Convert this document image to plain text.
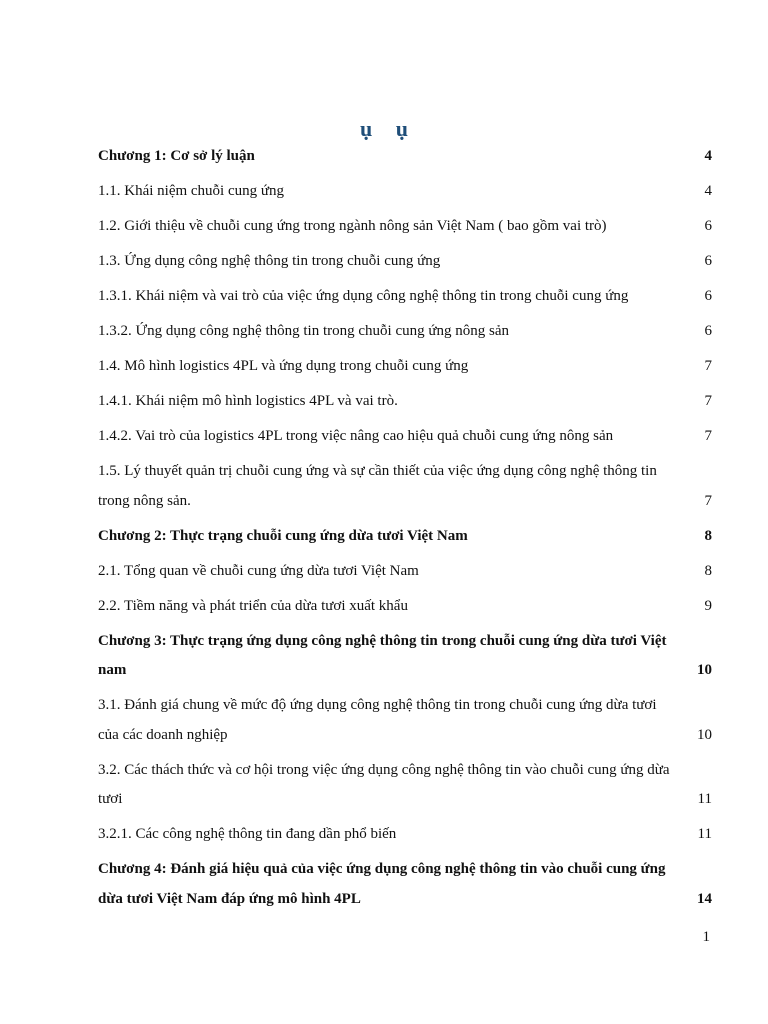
ụ ụ
Chương 1: Cơ sở lý luận	4
1.1. Khái niệm chuỗi cung ứng	4
1.2. Giới thiệu về chuỗi cung ứng trong ngành nông sản Việt Nam ( bao gồm vai trò)	6
1.3. Ứng dụng công nghệ thông tin trong chuỗi cung ứng	6
1.3.1. Khái niệm và vai trò của việc ứng dụng công nghệ thông tin trong chuỗi cung ứng	6
1.3.2. Ứng dụng công nghệ thông tin trong chuỗi cung ứng nông sản	6
1.4. Mô hình logistics 4PL và ứng dụng trong chuỗi cung ứng	7
1.4.1. Khái niệm mô hình logistics 4PL và vai trò.	7
1.4.2. Vai trò của logistics 4PL trong việc nâng cao hiệu quả chuỗi cung ứng nông sản	7
1.5. Lý thuyết quản trị chuỗi cung ứng và sự cần thiết của việc ứng dụng công nghệ thông tin
trong nông sản.	7
Chương 2: Thực trạng chuỗi cung ứng dừa tươi Việt Nam	8
2.1. Tổng quan về chuỗi cung ứng dừa tươi Việt Nam	8
2.2. Tiềm năng và phát triển của dừa tươi xuất khẩu	9
Chương 3: Thực trạng ứng dụng công nghệ thông tin trong chuỗi cung ứng dừa tươi Việt
nam	10
3.1. Đánh giá chung về mức độ ứng dụng công nghệ thông tin trong chuỗi cung ứng dừa tươi
của các doanh nghiệp	10
3.2. Các thách thức và cơ hội trong việc ứng dụng công nghệ thông tin vào chuỗi cung ứng dừa
tươi	11
3.2.1. Các công nghệ thông tin đang dần phổ biến	11
Chương 4: Đánh giá hiệu quả của việc ứng dụng công nghệ thông tin vào chuỗi cung ứng
dừa tươi Việt Nam đáp ứng mô hình 4PL	14
1
